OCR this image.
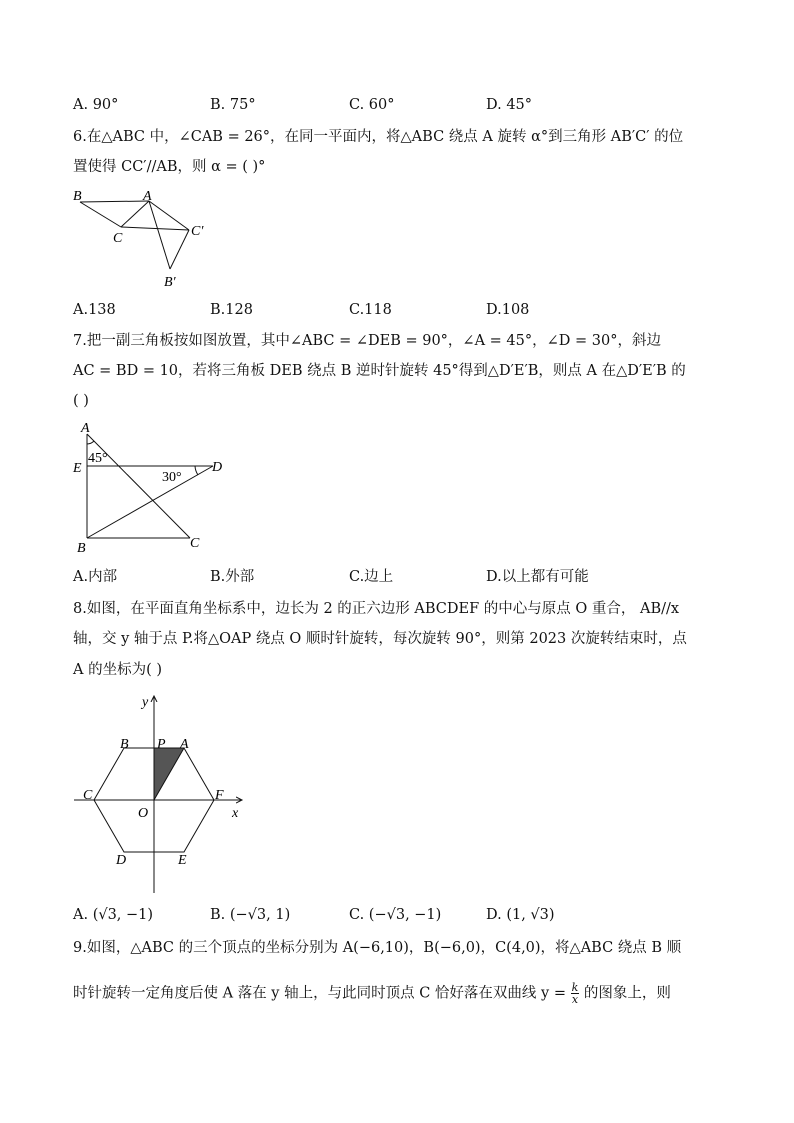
A. 90°	B. 75°	C. 60°	D. 45°
6.在△ABC 中，∠CAB = 26°，在同一平面内，将△ABC 绕点 A 旋转 α°到三角形 AB′C′ 的位
置使得 CC′//AB，则 α = ( )°
B	A
C	C′
B′
A.138	B.128	C.118	D.108
7.把一副三角板按如图放置，其中∠ABC = ∠DEB = 90°，∠A = 45°，∠D = 30°，斜边
AC = BD = 10，若将三角板 DEB 绕点 B 逆时针旋转 45°得到△D′E′B，则点 A 在△D′E′B 的
( )
A
E	D
B	C
45°
30°
A.内部	B.外部	C.边上	D.以上都有可能
8.如图，在平面直角坐标系中，边长为 2 的正六边形 ABCDEF 的中心与原点 O 重合， AB//x
轴，交 y 轴于点 P.将△OAP 绕点 O 顺时针旋转，每次旋转 90°，则第 2023 次旋转结束时，点
A 的坐标为( )
y
x
B P A
C	F
O
D	E
A. (√3, −1)	B. (−√3, 1)	C. (−√3, −1)	D. (1, √3)
9.如图，△ABC 的三个顶点的坐标分别为 A(−6,10)，B(−6,0)，C(4,0)，将△ABC 绕点 B 顺
时针旋转一定角度后使 A 落在 y 轴上，与此同时顶点 C 恰好落在双曲线 $y = \frac{k}{x}$ 的图象上，则
